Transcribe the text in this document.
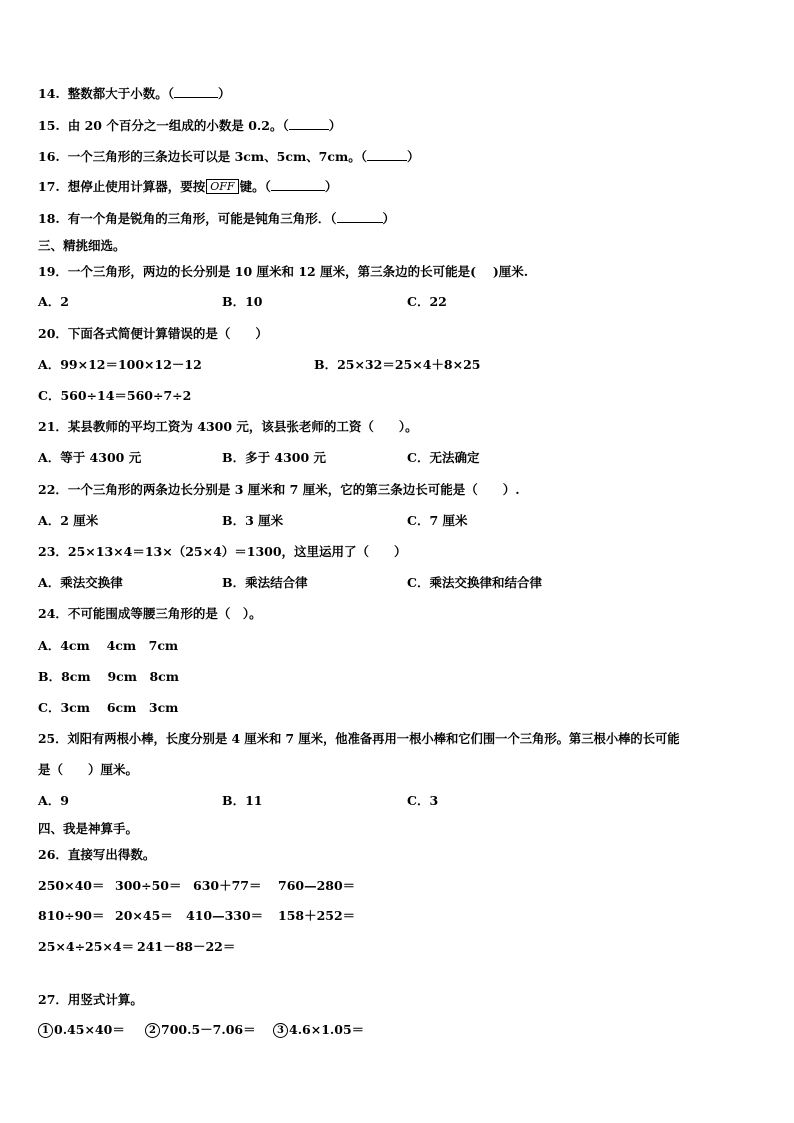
14. 整数都大于小数。（	）
15. 由 20 个百分之一组成的小数是 0.2。（	）
16. 一个三角形的三条边长可以是 3cm、5cm、7cm。（	）
17. 想停止使用计算器，要按 OFF 键。（	）
18. 有一个角是锐角的三角形，可能是钝角三角形．（	）
三、精挑细选。
19．一个三角形，两边的长分别是 10 厘米和 12 厘米，第三条边的长可能是(　 )厘米.
A．2	B．10	C．22
20．下面各式简便计算错误的是（　　）
A．99×12＝100×12－12	B．25×32＝25×4＋8×25
C．560÷14＝560÷7÷2
21．某县教师的平均工资为 4300 元，该县张老师的工资（　　）。
A．等于 4300 元	B．多于 4300 元	C．无法确定
22．一个三角形的两条边长分别是 3 厘米和 7 厘米，它的第三条边长可能是（　　）.
A．2 厘米	B．3 厘米	C．7 厘米
23．25×13×4＝13×（25×4）＝1300，这里运用了（　　）
A．乘法交换律	B．乘法结合律	C．乘法交换律和结合律
24．不可能围成等腰三角形的是（　）。
A．4cm　 4cm　7cm
B．8cm　 9cm　8cm
C．3cm　 6cm　3cm
25．刘阳有两根小棒，长度分别是 4 厘米和 7 厘米，他准备再用一根小棒和它们围一个三角形。第三根小棒的长可能
是（　　）厘米。
A．9	B．11	C．3
四、我是神算手。
26．直接写出得数。
250×40＝ 300÷50＝ 630＋77＝ 760—280＝
810÷90＝ 20×45＝ 410—330＝ 158＋252＝
25×4÷25×4＝ 241－88－22＝
27．用竖式计算。
1 0.45×40＝	2 700.5－7.06＝	3 4.6×1.05＝
